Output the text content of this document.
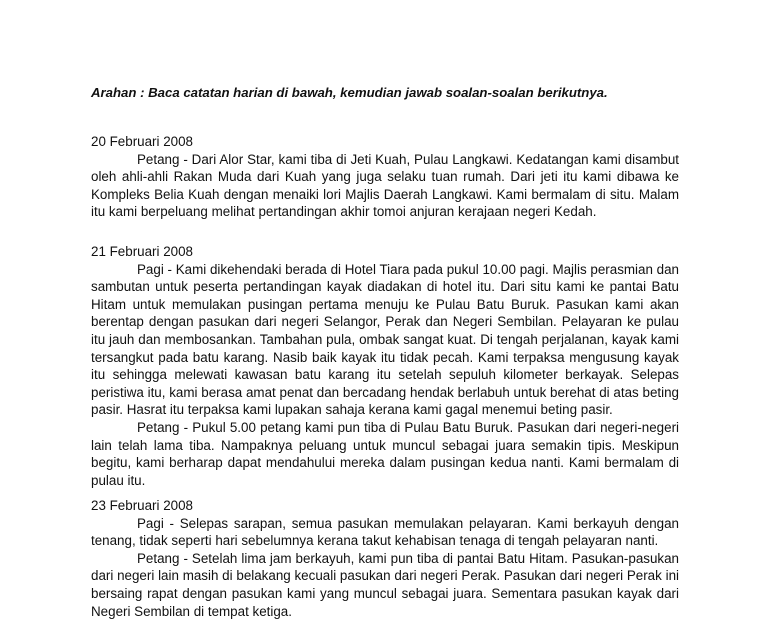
Arahan : Baca catatan harian di bawah, kemudian jawab soalan-soalan berikutnya.
20 Februari 2008

Petang - Dari Alor Star, kami tiba di Jeti Kuah, Pulau Langkawi. Kedatangan kami disambut oleh ahli-ahli Rakan Muda dari Kuah yang juga selaku tuan rumah. Dari jeti itu kami dibawa ke Kompleks Belia Kuah dengan menaiki lori Majlis Daerah Langkawi. Kami bermalam di situ. Malam itu kami berpeluang melihat pertandingan akhir tomoi anjuran kerajaan negeri Kedah.

21 Februari 2008

Pagi - Kami dikehendaki berada di Hotel Tiara pada pukul 10.00 pagi. Majlis perasmian dan sambutan untuk peserta pertandingan kayak diadakan di hotel itu. Dari situ kami ke pantai Batu Hitam untuk memulakan pusingan pertama menuju ke Pulau Batu Buruk. Pasukan kami akan berentap dengan pasukan dari negeri Selangor, Perak dan Negeri Sembilan. Pelayaran ke pulau itu jauh dan membosankan. Tambahan pula, ombak sangat kuat. Di tengah perjalanan, kayak kami tersangkut pada batu karang. Nasib baik kayak itu tidak pecah. Kami terpaksa mengusung kayak itu sehingga melewati kawasan batu karang itu setelah sepuluh kilometer berkayak. Selepas peristiwa itu, kami berasa amat penat dan bercadang hendak berlabuh untuk berehat di atas beting pasir. Hasrat itu terpaksa kami lupakan sahaja kerana kami gagal menemui beting pasir.

Petang - Pukul 5.00 petang kami pun tiba di Pulau Batu Buruk. Pasukan dari negeri-negeri lain telah lama tiba. Nampaknya peluang untuk muncul sebagai juara semakin tipis. Meskipun begitu, kami berharap dapat mendahului mereka dalam pusingan kedua nanti. Kami bermalam di pulau itu.

23 Februari 2008

Pagi - Selepas sarapan, semua pasukan memulakan pelayaran. Kami berkayuh dengan tenang, tidak seperti hari sebelumnya kerana takut kehabisan tenaga di tengah pelayaran nanti.

Petang - Setelah lima jam berkayuh, kami pun tiba di pantai Batu Hitam. Pasukan-pasukan dari negeri lain masih di belakang kecuali pasukan dari negeri Perak. Pasukan dari negeri Perak ini bersaing rapat dengan pasukan kami yang muncul sebagai juara. Sementara pasukan kayak dari Negeri Sembilan di tempat ketiga.
